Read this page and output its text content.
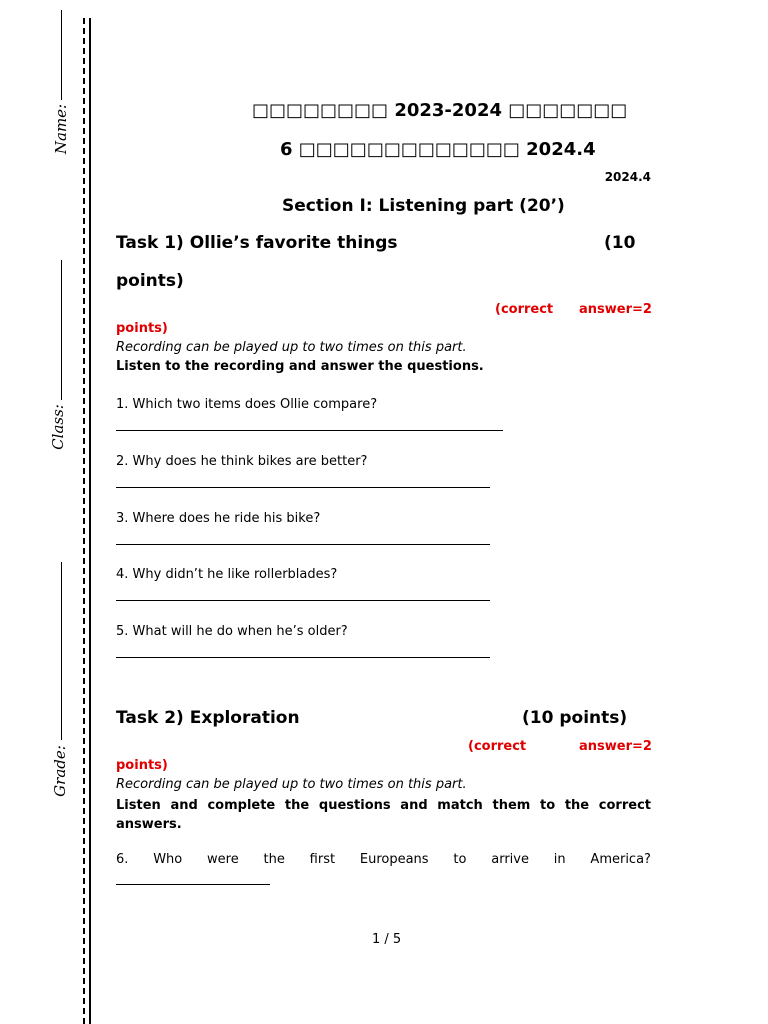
Name:
Class:
Grade:
□□□□□□□□ 2023-2024 □□□□□□□
6 □□□□□□□□□□□□□ 2024.4
2024.4
Section I: Listening part (20’)
Task 1) Ollie’s favorite things	(10
points)
(correct answer=2
points)
Recording can be played up to two times on this part.
Listen to the recording and answer the questions.
1. Which two items does Ollie compare?
2. Why does he think bikes are better?
3. Where does he ride his bike?
4. Why didn’t he like rollerblades?
5. What will he do when he’s older?
Task 2) Exploration	(10 points)
(correct	answer=2
points)
Recording can be played up to two times on this part.
Listen and complete the questions and match them to the correct answers.
6. Who were the first Europeans to arrive in America?
1 / 5
